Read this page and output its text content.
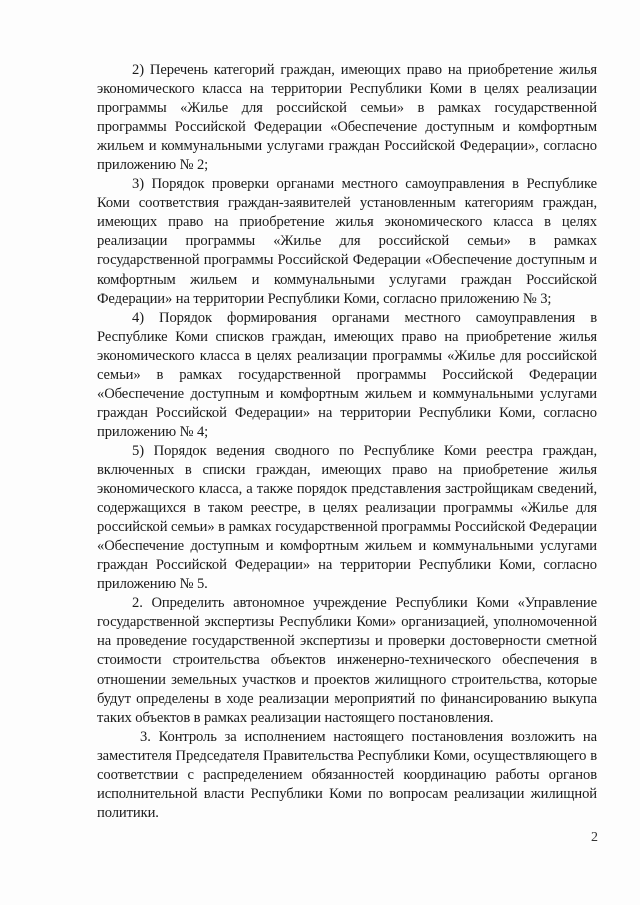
2) Перечень категорий граждан, имеющих право на приобретение жилья экономического класса на территории Республики Коми в целях реализации программы «Жилье для российской семьи» в рамках государственной программы Российской Федерации «Обеспечение доступным и комфортным жильем и коммунальными услугами граждан Российской Федерации», согласно приложению № 2;

3) Порядок проверки органами местного самоуправления в Республике Коми соответствия граждан-заявителей установленным категориям граждан, имеющих право на приобретение жилья экономического класса в целях реализации программы «Жилье для российской семьи» в рамках государственной программы Российской Федерации «Обеспечение доступным и комфортным жильем и коммунальными услугами граждан Российской Федерации» на территории Республики Коми, согласно приложению № 3;

4) Порядок формирования органами местного самоуправления в Республике Коми списков граждан, имеющих право на приобретение жилья экономического класса в целях реализации программы «Жилье для российской семьи» в рамках государственной программы Российской Федерации «Обеспечение доступным и комфортным жильем и коммунальными услугами граждан Российской Федерации» на территории Республики Коми, согласно приложению № 4;

5) Порядок ведения сводного по Республике Коми реестра граждан, включенных в списки граждан, имеющих право на приобретение жилья экономического класса, а также порядок представления застройщикам сведений, содержащихся в таком реестре, в целях реализации программы «Жилье для российской семьи» в рамках государственной программы Российской Федерации «Обеспечение доступным и комфортным жильем и коммунальными услугами граждан Российской Федерации» на территории Республики Коми, согласно приложению № 5.

2. Определить автономное учреждение Республики Коми «Управление государственной экспертизы Республики Коми» организацией, уполномоченной на проведение государственной экспертизы и проверки достоверности сметной стоимости строительства объектов инженерно-технического обеспечения в отношении земельных участков и проектов жилищного строительства, которые будут определены в ходе реализации мероприятий по финансированию выкупа таких объектов в рамках реализации настоящего постановления.

3. Контроль за исполнением настоящего постановления возложить на заместителя Председателя Правительства Республики Коми, осуществляющего в соответствии с распределением обязанностей координацию работы органов исполнительной власти Республики Коми по вопросам реализации жилищной политики.

2
